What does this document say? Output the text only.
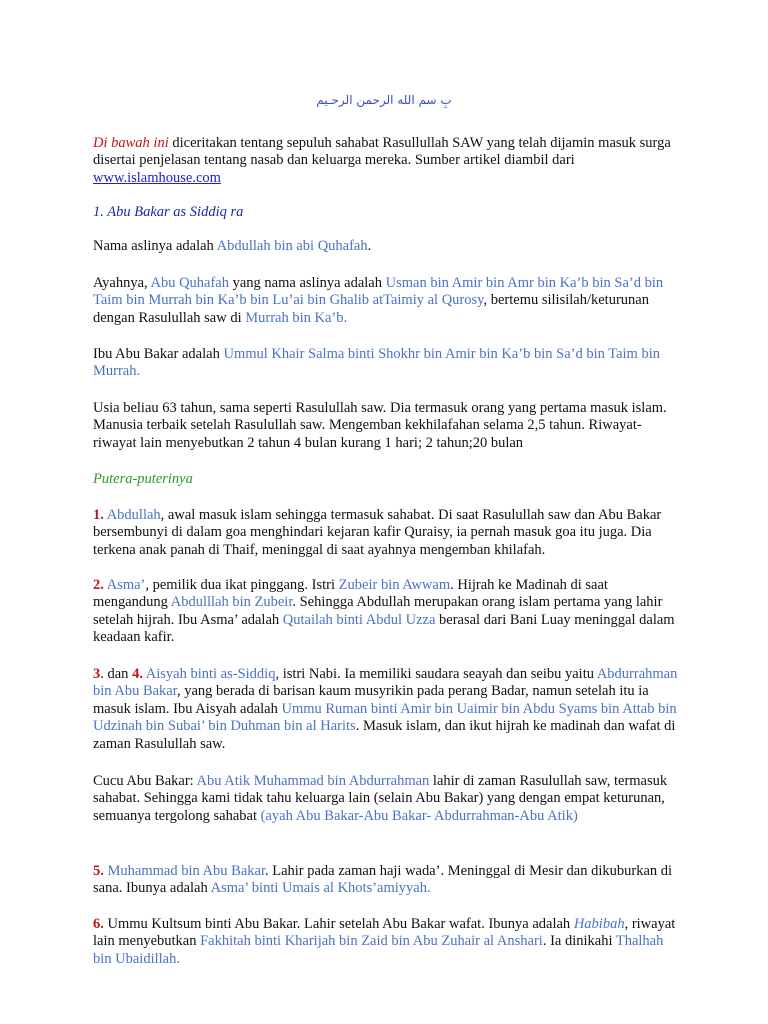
بِ سم الله الرحمن الرحـيم

Di bawah ini diceritakan tentang sepuluh sahabat Rasullullah SAW yang telah dijamin masuk surga disertai penjelasan tentang nasab dan keluarga mereka. Sumber artikel diambil dari www.islamhouse.com

1. Abu Bakar as Siddiq ra

Nama aslinya adalah Abdullah bin abi Quhafah.

Ayahnya, Abu Quhafah yang nama aslinya adalah Usman bin Amir bin Amr bin Ka’b bin Sa’d bin Taim bin Murrah bin Ka’b bin Lu’ai bin Ghalib atTaimiy al Qurosy, bertemu silisilah/keturunan dengan Rasulullah saw di Murrah bin Ka’b.

Ibu Abu Bakar adalah Ummul Khair Salma binti Shokhr bin Amir bin Ka’b bin Sa’d bin Taim bin Murrah.

Usia beliau 63 tahun, sama seperti Rasulullah saw. Dia termasuk orang yang pertama masuk islam. Manusia terbaik setelah Rasulullah saw. Mengemban kekhilafahan selama 2,5 tahun. Riwayat-riwayat lain menyebutkan 2 tahun 4 bulan kurang 1 hari; 2 tahun;20 bulan

Putera-puterinya

1. Abdullah, awal masuk islam sehingga termasuk sahabat. Di saat Rasulullah saw dan Abu Bakar bersembunyi di dalam goa menghindari kejaran kafir Quraisy, ia pernah masuk goa itu juga. Dia terkena anak panah di Thaif, meninggal di saat ayahnya mengemban khilafah.

2. Asma’, pemilik dua ikat pinggang. Istri Zubeir bin Awwam. Hijrah ke Madinah di saat mengandung Abdulllah bin Zubeir. Sehingga Abdullah merupakan orang islam pertama yang lahir setelah hijrah. Ibu Asma’ adalah Qutailah binti Abdul Uzza berasal dari Bani Luay meninggal dalam keadaan kafir.

3. dan 4. Aisyah binti as-Siddiq, istri Nabi. Ia memiliki saudara seayah dan seibu yaitu Abdurrahman bin Abu Bakar, yang berada di barisan kaum musyrikin pada perang Badar, namun setelah itu ia masuk islam. Ibu Aisyah adalah Ummu Ruman binti Amir bin Uaimir bin Abdu Syams bin Attab bin Udzinah bin Subai’ bin Duhman bin al Harits. Masuk islam, dan ikut hijrah ke madinah dan wafat di zaman Rasulullah saw.

Cucu Abu Bakar: Abu Atik Muhammad bin Abdurrahman lahir di zaman Rasulullah saw, termasuk sahabat. Sehingga kami tidak tahu keluarga lain (selain Abu Bakar) yang dengan empat keturunan, semuanya tergolong sahabat (ayah Abu Bakar-Abu Bakar- Abdurrahman-Abu Atik)

5. Muhammad bin Abu Bakar. Lahir pada zaman haji wada’. Meninggal di Mesir dan dikuburkan di sana. Ibunya adalah Asma’ binti Umais al Khots’amiyyah.

6. Ummu Kultsum binti Abu Bakar. Lahir setelah Abu Bakar wafat. Ibunya adalah Habibah, riwayat lain menyebutkan Fakhitah binti Kharijah bin Zaid bin Abu Zuhair al Anshari. Ia dinikahi Thalhah bin Ubaidillah.
